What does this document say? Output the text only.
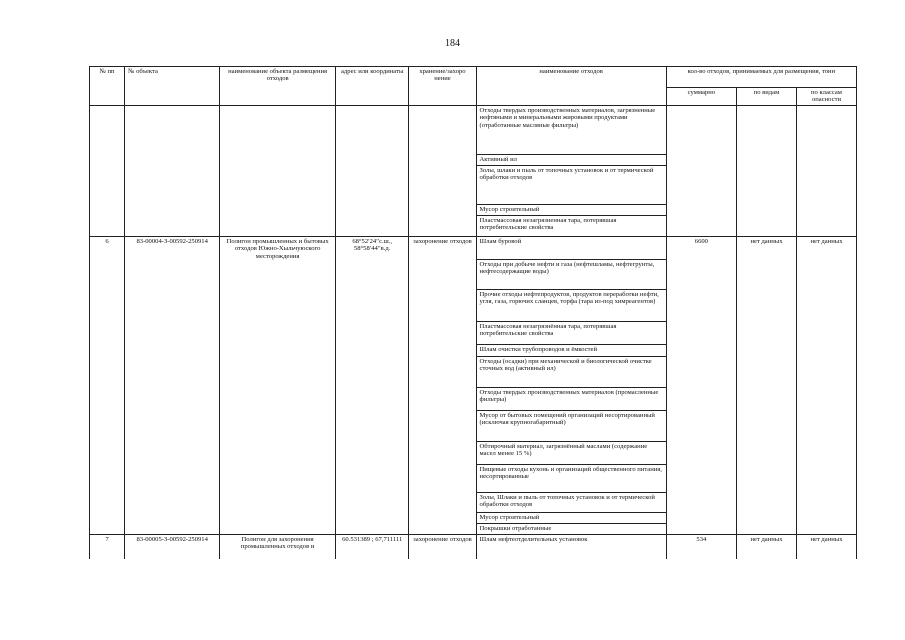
184
№ пп	№ объекта	наименование объекта размещения отходов	адрес или координаты	хранение/захоро нение	наименование отходов	кол-во отходов, принимаемых для размещения, тонн		
						суммарно	по видам	по классам опасности
					Отходы твердых производственных материалов, загрязненные нефтяными и минеральными жировыми продуктами (отработанные масляные фильтры)			
					Активный ил			
					Золы, шлаки и пыль от топочных установок и от термической обработки отходов			
					Мусор строительный			
					Пластмассовая незагрязненная тара, потерявшая потребительские свойства			
6	83-00004-З-00592-250914	Полигон промышленных и бытовых отходов Южно-Хыльчуюского месторождения	68°52′24′′с.ш., 58°58′44′′в.д.	захоронение отходов	Шлам буровой	6600	нет данных	нет данных
					Отходы при добыче нефти и газа (нефтешламы, нефтегрунты, нефтесодержащие воды)			
					Прочие отходы нефтепродуктов, продуктов переработки нефти, угля, газа, горючих сланцев, торфа (тара из-под химреагентов)			
					Пластмассовая незагрязнённая тара, потерявшая потребительские свойства			
					Шлам очистки трубопроводов и ёмкостей			
					Отходы (осадки) при механической и биологической очистке сточных вод (активный ил)			
					Отходы твердых производственных материалов (промасленные фильтры)			
					Мусор от бытовых помещений организаций несортированный (исключая крупногабаритный)			
					Обтирочный материал, загрязнённый маслами (содержание масел менее 15 %)			
					Пищевые отходы кухонь и организаций общественного питания, несортированные			
					Золы, Шлаки и пыль от топочных установок и от термической обработки отходов			
					Мусор строительный			
					Покрышки отработанные			
7	83-00005-З-00592-250914	Полигон для захоронения промышленных отходов и	60.531389 ; 67,711111	захоронение отходов	Шлам нефтеотделительных установок	534	нет данных	нет данных
